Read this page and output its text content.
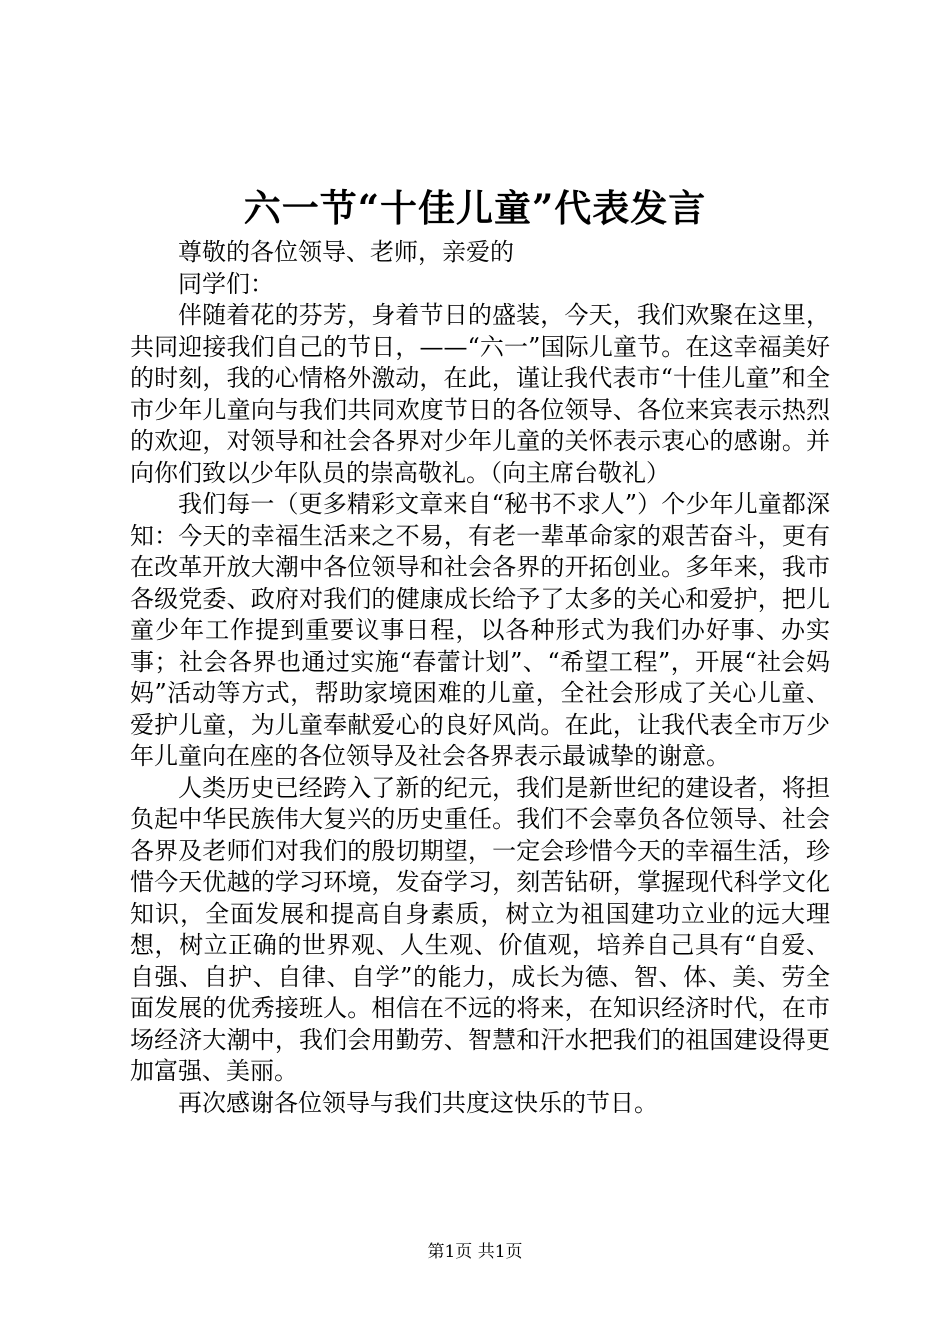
六一节“十佳儿童”代表发言

尊敬的各位领导、老师，亲爱的

同学们：

伴随着花的芬芳，身着节日的盛装，今天，我们欢聚在这里，共同迎接我们自己的节日，——“六一”国际儿童节。在这幸福美好的时刻，我的心情格外激动，在此，谨让我代表市“十佳儿童”和全市少年儿童向与我们共同欢度节日的各位领导、各位来宾表示热烈的欢迎，对领导和社会各界对少年儿童的关怀表示衷心的感谢。并向你们致以少年队员的崇高敬礼。（向主席台敬礼）

我们每一（更多精彩文章来自“秘书不求人”）个少年儿童都深知：今天的幸福生活来之不易，有老一辈革命家的艰苦奋斗，更有在改革开放大潮中各位领导和社会各界的开拓创业。多年来，我市各级党委、政府对我们的健康成长给予了太多的关心和爱护，把儿童少年工作提到重要议事日程，以各种形式为我们办好事、办实事；社会各界也通过实施“春蕾计划”、“希望工程”，开展“社会妈妈”活动等方式，帮助家境困难的儿童，全社会形成了关心儿童、爱护儿童，为儿童奉献爱心的良好风尚。在此，让我代表全市万少年儿童向在座的各位领导及社会各界表示最诚挚的谢意。

人类历史已经跨入了新的纪元，我们是新世纪的建设者，将担负起中华民族伟大复兴的历史重任。我们不会辜负各位领导、社会各界及老师们对我们的殷切期望，一定会珍惜今天的幸福生活，珍惜今天优越的学习环境，发奋学习，刻苦钻研，掌握现代科学文化知识，全面发展和提高自身素质，树立为祖国建功立业的远大理想，树立正确的世界观、人生观、价值观，培养自己具有“自爱、自强、自护、自律、自学”的能力，成长为德、智、体、美、劳全面发展的优秀接班人。相信在不远的将来，在知识经济时代，在市场经济大潮中，我们会用勤劳、智慧和汗水把我们的祖国建设得更加富强、美丽。

再次感谢各位领导与我们共度这快乐的节日。

第1页 共1页
